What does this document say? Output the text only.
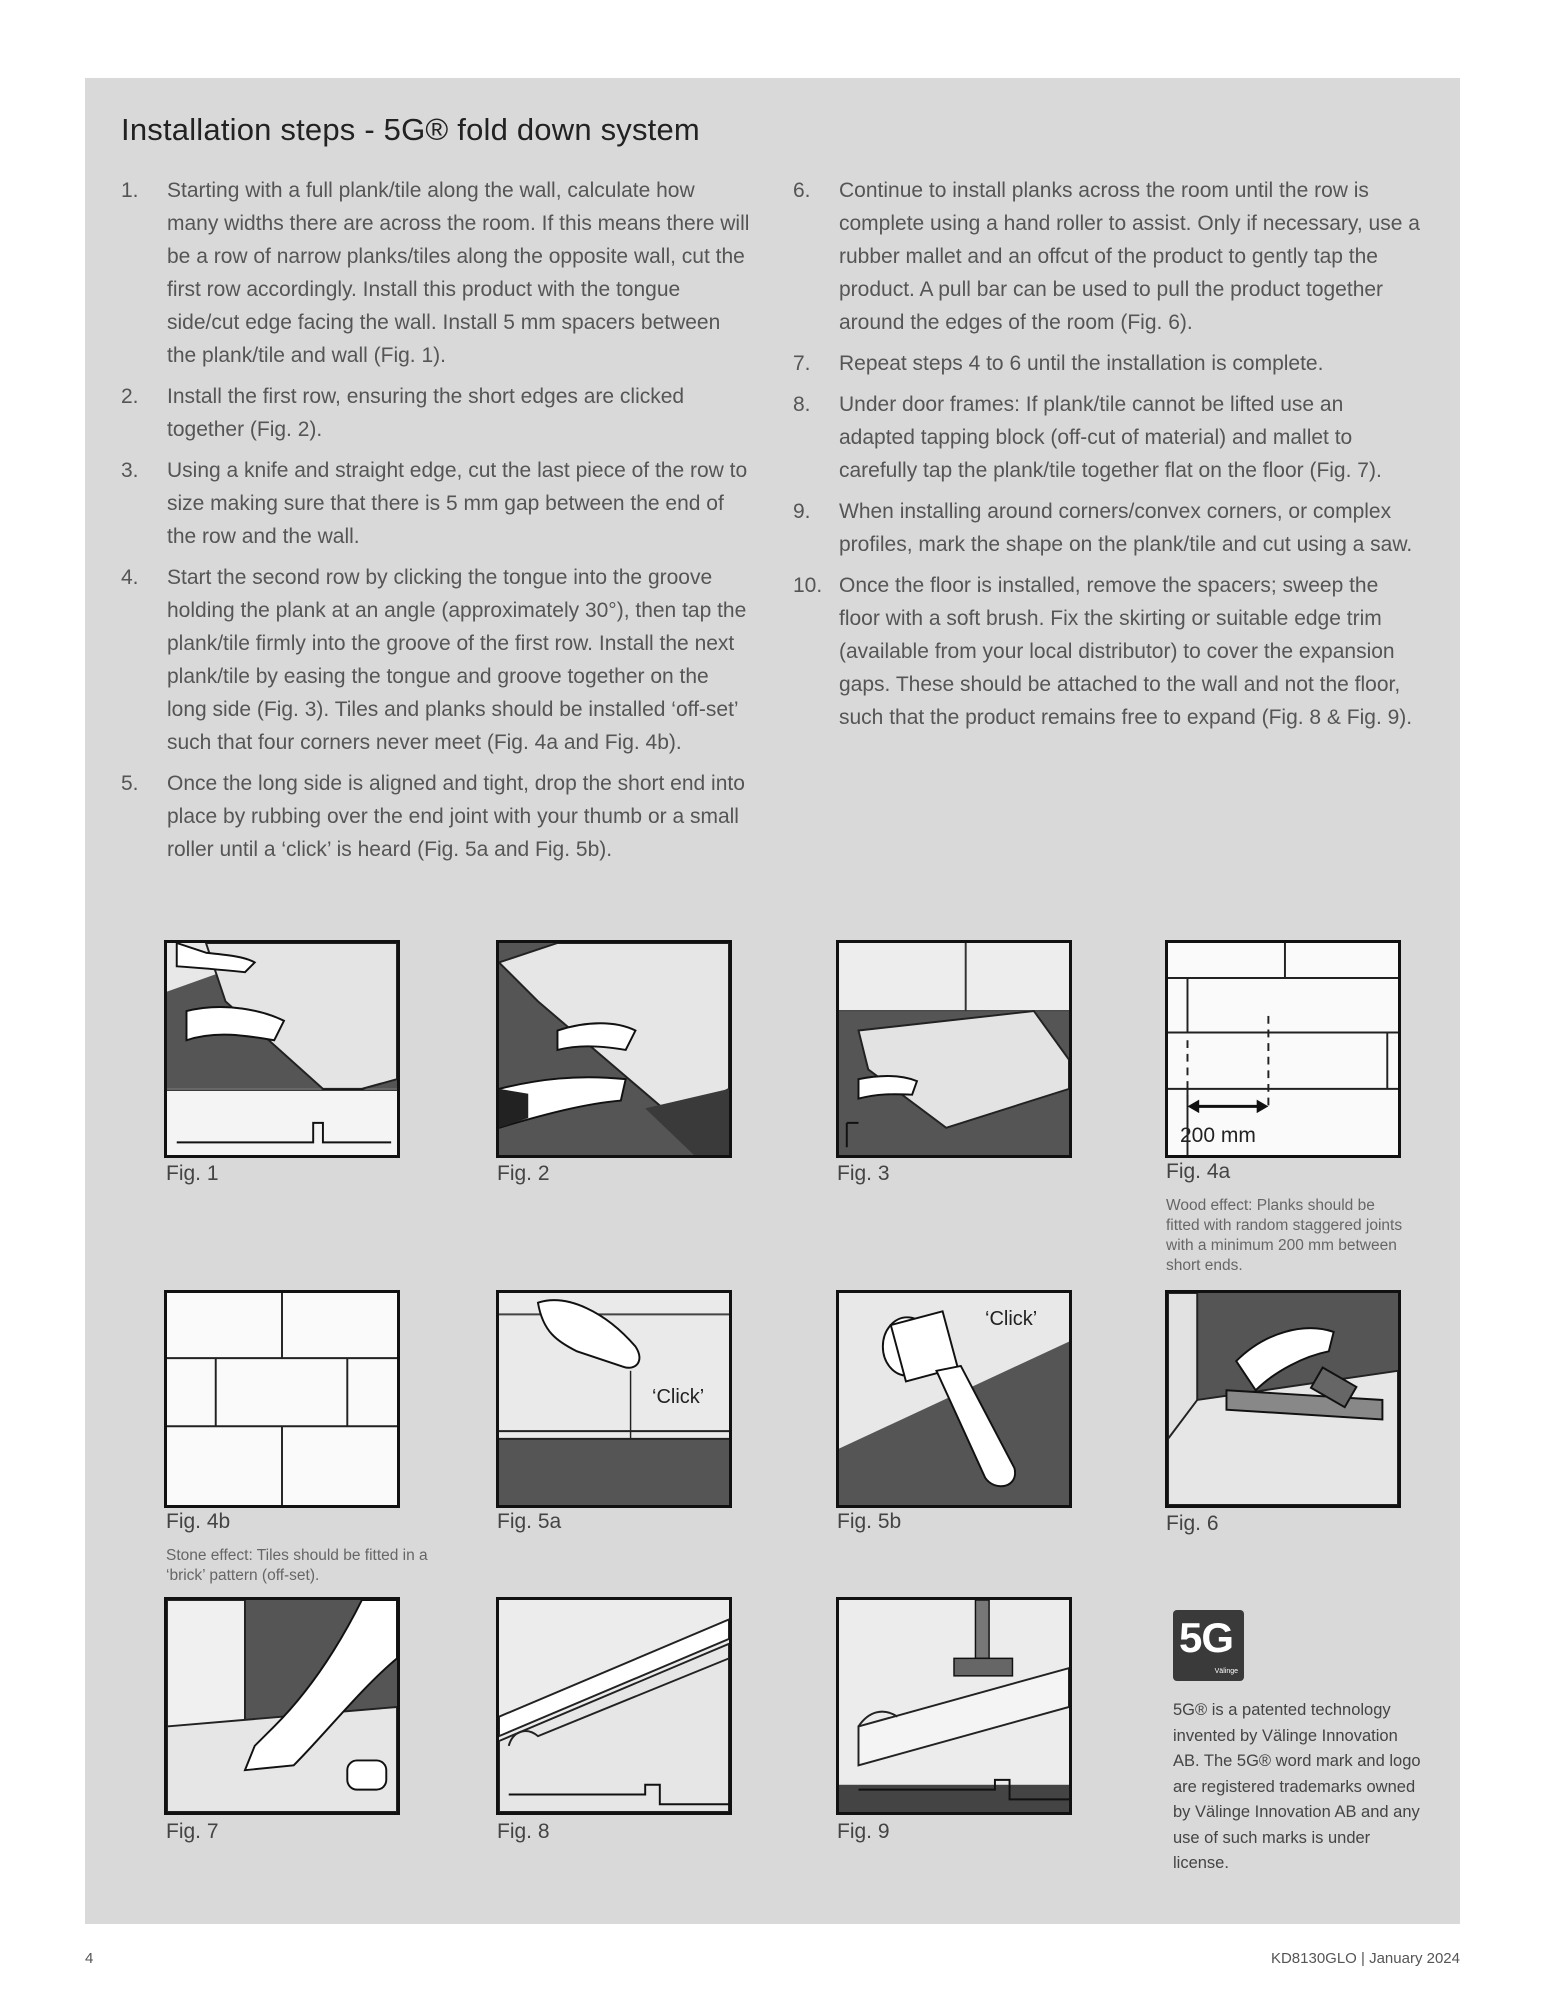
Installation steps - 5G® fold down system
1.	Starting with a full plank/tile along the wall, calculate how many widths there are across the room. If this means there will be a row of narrow planks/tiles along the opposite wall, cut the first row accordingly. Install this product with the tongue side/cut edge facing the wall. Install 5 mm spacers between the plank/tile and wall (Fig. 1).
2.	Install the first row, ensuring the short edges are clicked together (Fig. 2).
3.	Using a knife and straight edge, cut the last piece of the row to size making sure that there is 5 mm gap between the end of the row and the wall.
4.	Start the second row by clicking the tongue into the groove holding the plank at an angle (approximately 30°), then tap the plank/tile firmly into the groove of the first row. Install the next plank/tile by easing the tongue and groove together on the long side (Fig. 3). Tiles and planks should be installed ‘off-set’ such that four corners never meet (Fig. 4a and Fig. 4b).
5.	Once the long side is aligned and tight, drop the short end into place by rubbing over the end joint with your thumb or a small roller until a ‘click’ is heard (Fig. 5a and Fig. 5b).
6.	Continue to install planks across the room until the row is complete using a hand roller to assist. Only if necessary, use a rubber mallet and an offcut of the product to gently tap the product. A pull bar can be used to pull the product together around the edges of the room (Fig. 6).
7.	Repeat steps 4 to 6 until the installation is complete.
8.	Under door frames: If plank/tile cannot be lifted use an adapted tapping block (off-cut of material) and mallet to carefully tap the plank/tile together flat on the floor (Fig. 7).
9.	When installing around corners/convex corners, or complex profiles, mark the shape on the plank/tile and cut using a saw.
10. Once the floor is installed, remove the spacers; sweep the floor with a soft brush. Fix the skirting or suitable edge trim (available from your local distributor) to cover the expansion gaps. These should be attached to the wall and not the floor, such that the product remains free to expand (Fig. 8 & Fig. 9).
Fig. 1	Fig. 2	Fig. 3
200 mm
Fig. 4a
Wood effect: Planks should be fitted with random staggered joints with a minimum 200 mm between short ends.
Fig. 4b
Stone effect: Tiles should be fitted in a ‘brick’ pattern (off-set).
‘Click’
Fig. 5a
‘Click’
Fig. 5b	Fig. 6
Fig. 7	Fig. 8	Fig. 9
5G
Välinge
5G® is a patented technology invented by Välinge Innovation AB. The 5G® word mark and logo are registered trademarks owned by Välinge Innovation AB and any use of such marks is under license.
4	KD8130GLO | January 2024
